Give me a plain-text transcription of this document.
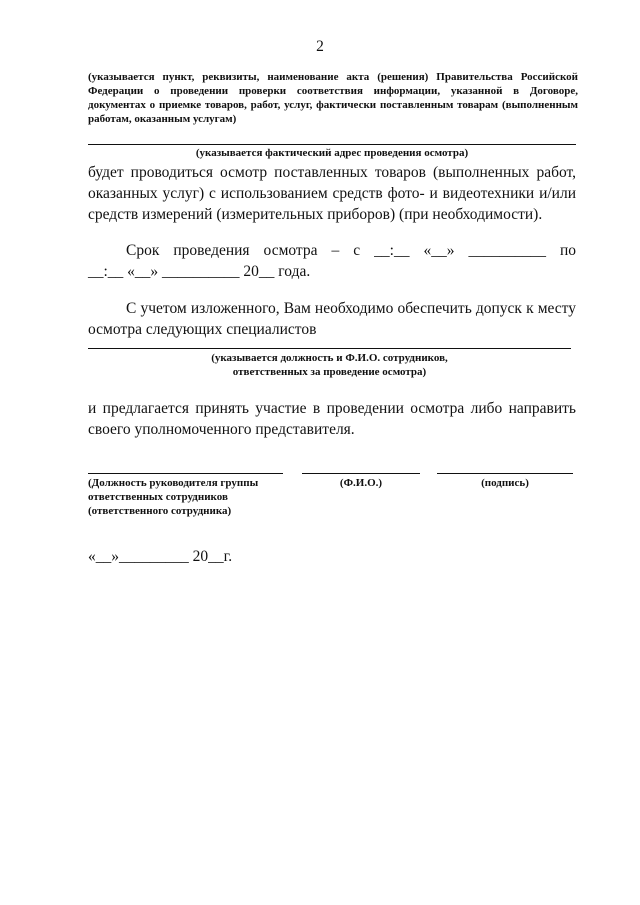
2
(указывается пункт, реквизиты, наименование акта (решения) Правительства Российской
Федерации о проведении проверки соответствия информации, указанной в Договоре,
документах о приемке товаров, работ, услуг, фактически поставленным товарам (выполненным
работам, оказанным услугам)
(указывается фактический адрес проведения осмотра)
будет проводиться осмотр поставленных товаров (выполненных работ,
оказанных услуг) с использованием средств фото- и видеотехники и/или
средств измерений (измерительных приборов) (при необходимости).
Срок проведения осмотра – с __:__ «__» __________ по
__:__ «__» __________ 20__ года.
С учетом изложенного, Вам необходимо обеспечить допуск к месту
осмотра следующих специалистов
(указывается должность и Ф.И.О. сотрудников,
ответственных за проведение осмотра)
и предлагается принять участие в проведении осмотра либо направить
своего уполномоченного представителя.
(Должность руководителя группы
ответственных сотрудников
(ответственного сотрудника)
(Ф.И.О.)	(подпись)
«__»_________ 20__г.
